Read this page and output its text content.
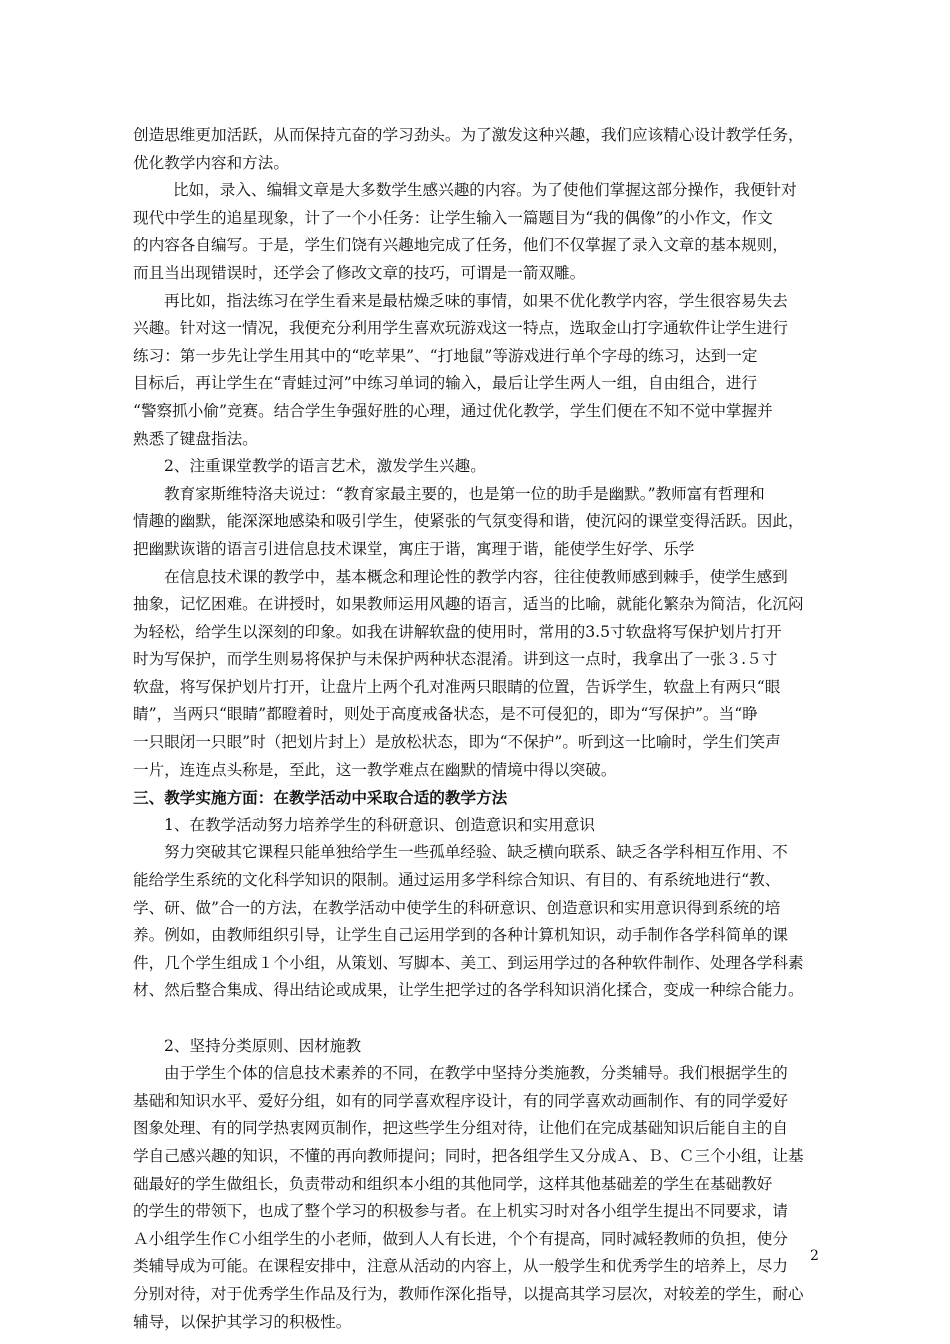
创造思维更加活跃，从而保持亢奋的学习劲头。为了激发这种兴趣，我们应该精心设计教学任务，
优化教学内容和方法。
比如，录入、编辑文章是大多数学生感兴趣的内容。为了使他们掌握这部分操作，我便针对
现代中学生的追星现象，计了一个小任务：让学生输入一篇题目为“我的偶像”的小作文，作文
的内容各自编写。于是，学生们饶有兴趣地完成了任务，他们不仅掌握了录入文章的基本规则，
而且当出现错误时，还学会了修改文章的技巧，可谓是一箭双雕。
再比如，指法练习在学生看来是最枯燥乏味的事情，如果不优化教学内容，学生很容易失去
兴趣。针对这一情况，我便充分利用学生喜欢玩游戏这一特点，选取金山打字通软件让学生进行
练习：第一步先让学生用其中的“吃苹果”、“打地鼠”等游戏进行单个字母的练习，达到一定
目标后，再让学生在“青蛙过河”中练习单词的输入，最后让学生两人一组，自由组合，进行
“警察抓小偷”竞赛。结合学生争强好胜的心理，通过优化教学，学生们便在不知不觉中掌握并
熟悉了键盘指法。
2、注重课堂教学的语言艺术，激发学生兴趣。
教育家斯维特洛夫说过：“教育家最主要的，也是第一位的助手是幽默。”教师富有哲理和
情趣的幽默，能深深地感染和吸引学生，使紧张的气氛变得和谐，使沉闷的课堂变得活跃。因此，
把幽默诙谐的语言引进信息技术课堂，寓庄于谐，寓理于谐，能使学生好学、乐学
在信息技术课的教学中，基本概念和理论性的教学内容，往往使教师感到棘手，使学生感到
抽象，记忆困难。在讲授时，如果教师运用风趣的语言，适当的比喻，就能化繁杂为简洁，化沉闷
为轻松，给学生以深刻的印象。如我在讲解软盘的使用时，常用的3.5寸软盘将写保护划片打开
时为写保护，而学生则易将保护与未保护两种状态混淆。讲到这一点时，我拿出了一张３.５寸
软盘，将写保护划片打开，让盘片上两个孔对准两只眼睛的位置，告诉学生，软盘上有两只“眼
睛”，当两只“眼睛”都瞪着时，则处于高度戒备状态，是不可侵犯的，即为“写保护”。当“睁
一只眼闭一只眼”时（把划片封上）是放松状态，即为“不保护”。听到这一比喻时，学生们笑声
一片，连连点头称是，至此，这一教学难点在幽默的情境中得以突破。
三、教学实施方面：在教学活动中采取合适的教学方法
1、在教学活动努力培养学生的科研意识、创造意识和实用意识
努力突破其它课程只能单独给学生一些孤单经验、缺乏横向联系、缺乏各学科相互作用、不
能给学生系统的文化科学知识的限制。通过运用多学科综合知识、有目的、有系统地进行“教、
学、研、做”合一的方法，在教学活动中使学生的科研意识、创造意识和实用意识得到系统的培
养。例如，由教师组织引导，让学生自己运用学到的各种计算机知识，动手制作各学科简单的课
件，几个学生组成１个小组，从策划、写脚本、美工、到运用学过的各种软件制作、处理各学科素
材、然后整合集成、得出结论或成果，让学生把学过的各学科知识消化揉合，变成一种综合能力。
2、坚持分类原则、因材施教
由于学生个体的信息技术素养的不同，在教学中坚持分类施教，分类辅导。我们根据学生的
基础和知识水平、爱好分组，如有的同学喜欢程序设计，有的同学喜欢动画制作、有的同学爱好
图象处理、有的同学热衷网页制作，把这些学生分组对待，让他们在完成基础知识后能自主的自
学自己感兴趣的知识，不懂的再向教师提问；同时，把各组学生又分成Ａ、Ｂ、Ｃ三个小组，让基
础最好的学生做组长，负责带动和组织本小组的其他同学，这样其他基础差的学生在基础教好
的学生的带领下，也成了整个学习的积极参与者。在上机实习时对各小组学生提出不同要求，请
Ａ小组学生作Ｃ小组学生的小老师，做到人人有长进，个个有提高，同时减轻教师的负担，使分
类辅导成为可能。在课程安排中，注意从活动的内容上，从一般学生和优秀学生的培养上，尽力
分别对待，对于优秀学生作品及行为，教师作深化指导，以提高其学习层次，对较差的学生，耐心
辅导，以保护其学习的积极性。
2
